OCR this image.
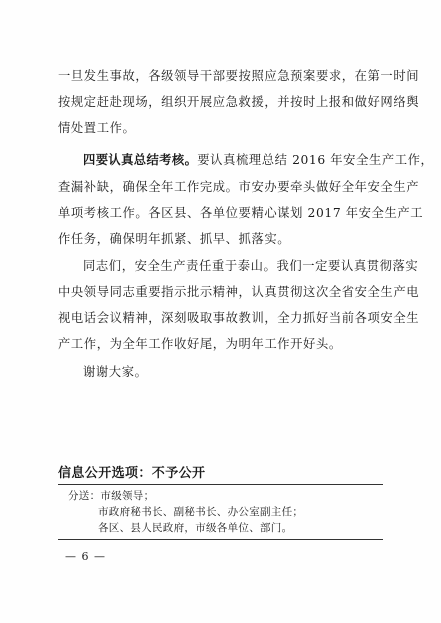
一旦发生事故，各级领导干部要按照应急预案要求，在第一时间
按规定赶赴现场，组织开展应急救援，并按时上报和做好网络舆
情处置工作。
四要认真总结考核。要认真梳理总结 2016 年安全生产工作，
查漏补缺，确保全年工作完成。市安办要牵头做好全年安全生产
单项考核工作。各区县、各单位要精心谋划 2017 年安全生产工
作任务，确保明年抓紧、抓早、抓落实。
同志们，安全生产责任重于泰山。我们一定要认真贯彻落实
中央领导同志重要指示批示精神，认真贯彻这次全省安全生产电
视电话会议精神，深刻吸取事故教训，全力抓好当前各项安全生
产工作，为全年工作收好尾，为明年工作开好头。
谢谢大家。
信息公开选项：不予公开
分送：市级领导；
市政府秘书长、副秘书长、办公室副主任；
各区、县人民政府，市级各单位、部门。
— 6 —
